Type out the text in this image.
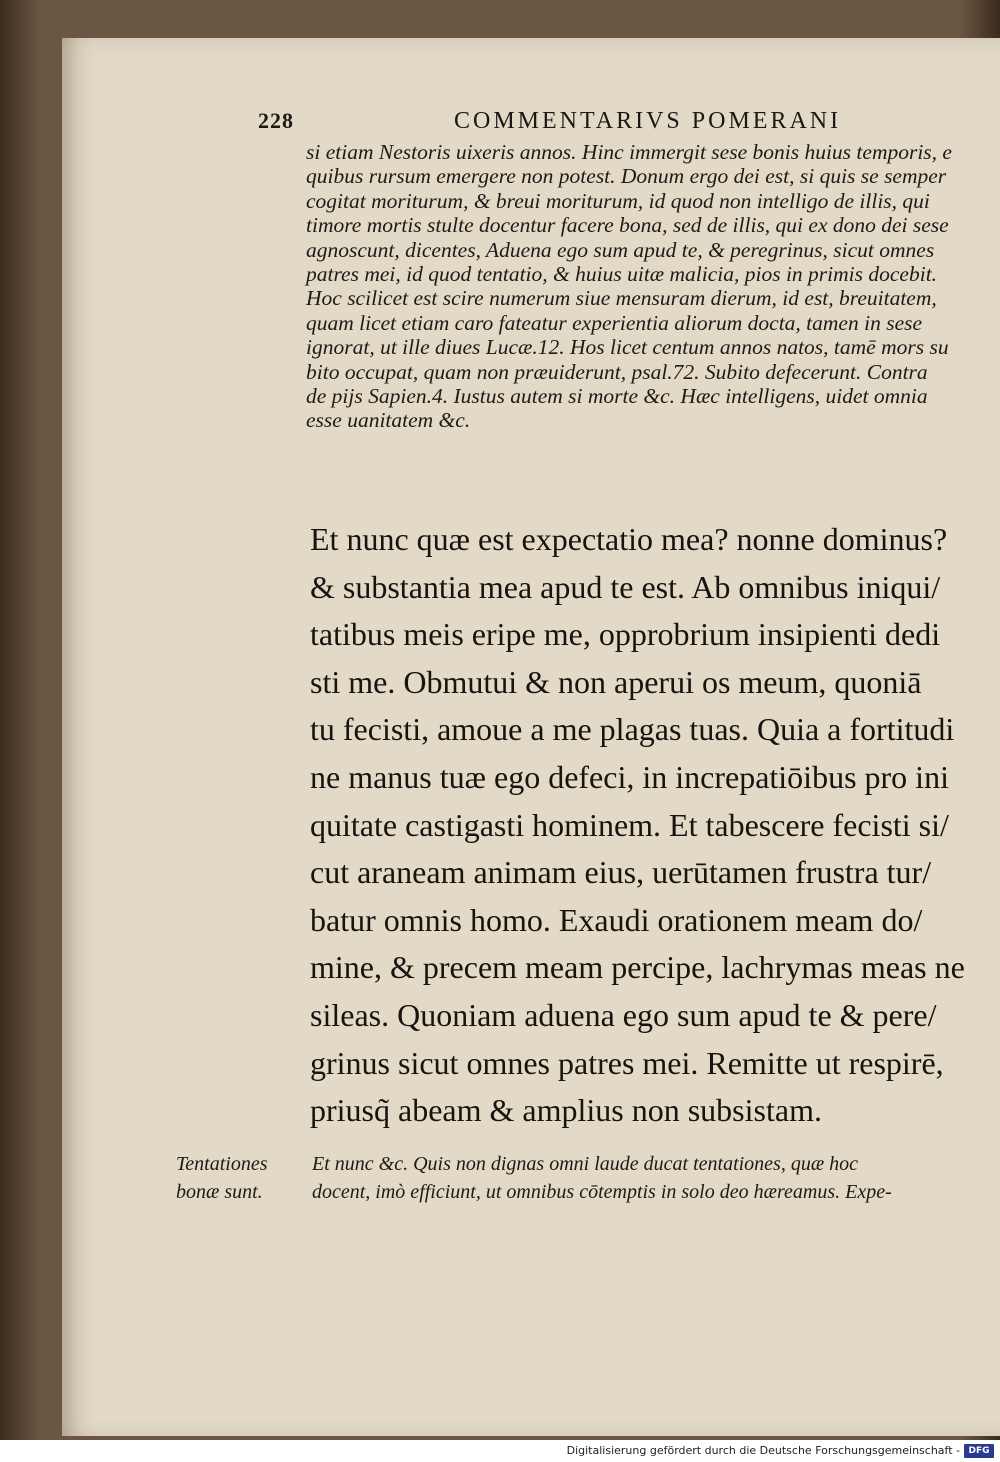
228	COMMENTARIVS POMERANI
si etiam Nestoris uixeris annos. Hinc immergit sese bonis huius temporis, e
quibus rursum emergere non potest. Donum ergo dei est, si quis se semper
cogitat moriturum, & breui moriturum, id quod non intelligo de illis, qui
timore mortis stulte docentur facere bona, sed de illis, qui ex dono dei sese
agnoscunt, dicentes, Aduena ego sum apud te, & peregrinus, sicut omnes
patres mei, id quod tentatio, & huius uitæ malicia, pios in primis docebit.
Hoc scilicet est scire numerum siue mensuram dierum, id est, breuitatem,
quam licet etiam caro fateatur experientia aliorum docta, tamen in sese
ignorat, ut ille diues Lucæ.12. Hos licet centum annos natos, tamē mors su
bito occupat, quam non præuiderunt, psal.72. Subito defecerunt. Contra
de pijs Sapien.4. Iustus autem si morte &c. Hæc intelligens, uidet omnia
esse uanitatem &c.
Et nunc quæ est expectatio mea? nonne dominus?
& substantia mea apud te est. Ab omnibus iniqui/
tatibus meis eripe me, opprobrium insipienti dedi
sti me. Obmutui & non aperui os meum, quoniā
tu fecisti, amoue a me plagas tuas. Quia a fortitudi
ne manus tuæ ego defeci, in increpatiōibus pro ini
quitate castigasti hominem. Et tabescere fecisti si/
cut araneam animam eius, uerūtamen frustra tur/
batur omnis homo. Exaudi orationem meam do/
mine, & precem meam percipe, lachrymas meas ne
sileas. Quoniam aduena ego sum apud te & pere/
grinus sicut omnes patres mei. Remitte ut respirē,
priusq̃ abeam & amplius non subsistam.
Tentationes
bonæ sunt.
Et nunc &c. Quis non dignas omni laude ducat tentationes, quæ hoc
docent, imò efficiunt, ut omnibus cōtemptis in solo deo hæreamus. Expe-
Digitalisierung gefördert durch die Deutsche Forschungsgemeinschaft - DFG
